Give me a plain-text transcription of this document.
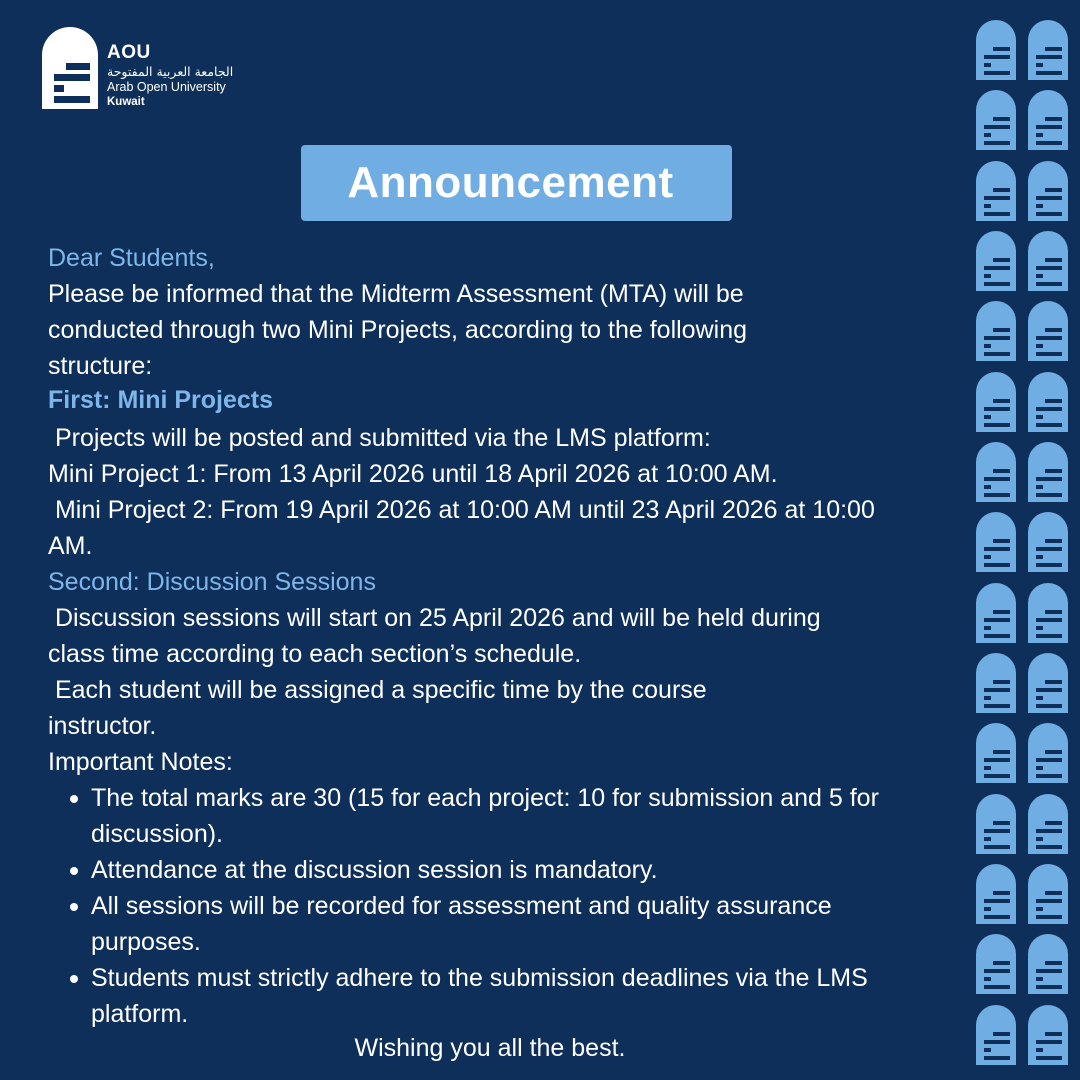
AOU
الجامعة العربية المفتوحة
Arab Open University
Kuwait
Announcement

Dear Students,

Please be informed that the Midterm Assessment (MTA) will be

conducted through two Mini Projects, according to the following

structure:

First: Mini Projects

Projects will be posted and submitted via the LMS platform:

Mini Project 1: From 13 April 2026 until 18 April 2026 at 10:00 AM.

Mini Project 2: From 19 April 2026 at 10:00 AM until 23 April 2026 at 10:00

AM.

Second: Discussion Sessions

Discussion sessions will start on 25 April 2026 and will be held during

class time according to each section’s schedule.

Each student will be assigned a specific time by the course

instructor.

Important Notes:

The total marks are 30 (15 for each project: 10 for submission and 5 for discussion).
Attendance at the discussion session is mandatory.
All sessions will be recorded for assessment and quality assurance purposes.
Students must strictly adhere to the submission deadlines via the LMS platform.
Wishing you all the best.
